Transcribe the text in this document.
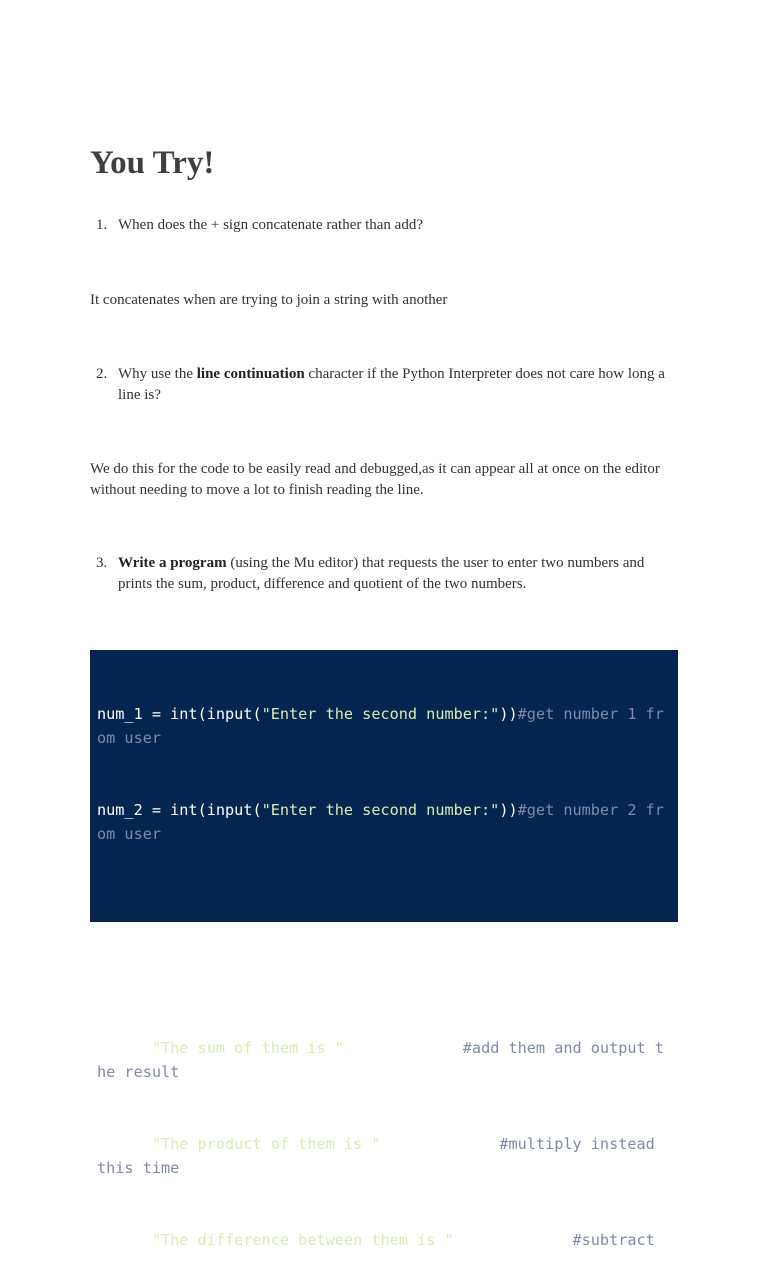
You Try!
1. When does the + sign concatenate rather than add?
It concatenates when are trying to join a string with another
2. Why use the line continuation character if the Python Interpreter does not care how long a line is?
We do this for the code to be easily read and debugged,as it can appear all at once on the editor without needing to move a lot to finish reading the line.
3. Write a program (using the Mu editor) that requests the user to enter two numbers and prints the sum, product, difference and quotient of the two numbers.

num_1 = int(input("Enter the second number:"))#get number 1 from user

num_2 = int(input("Enter the second number:"))#get number 2 from user

print()

print("The sum of them is ",num_1+num_2)#add them and output the result

print("The product of them is ",num_1*num_2)#multiply instead this time

print("The difference between them is ",num_1-num_2)#subtract
